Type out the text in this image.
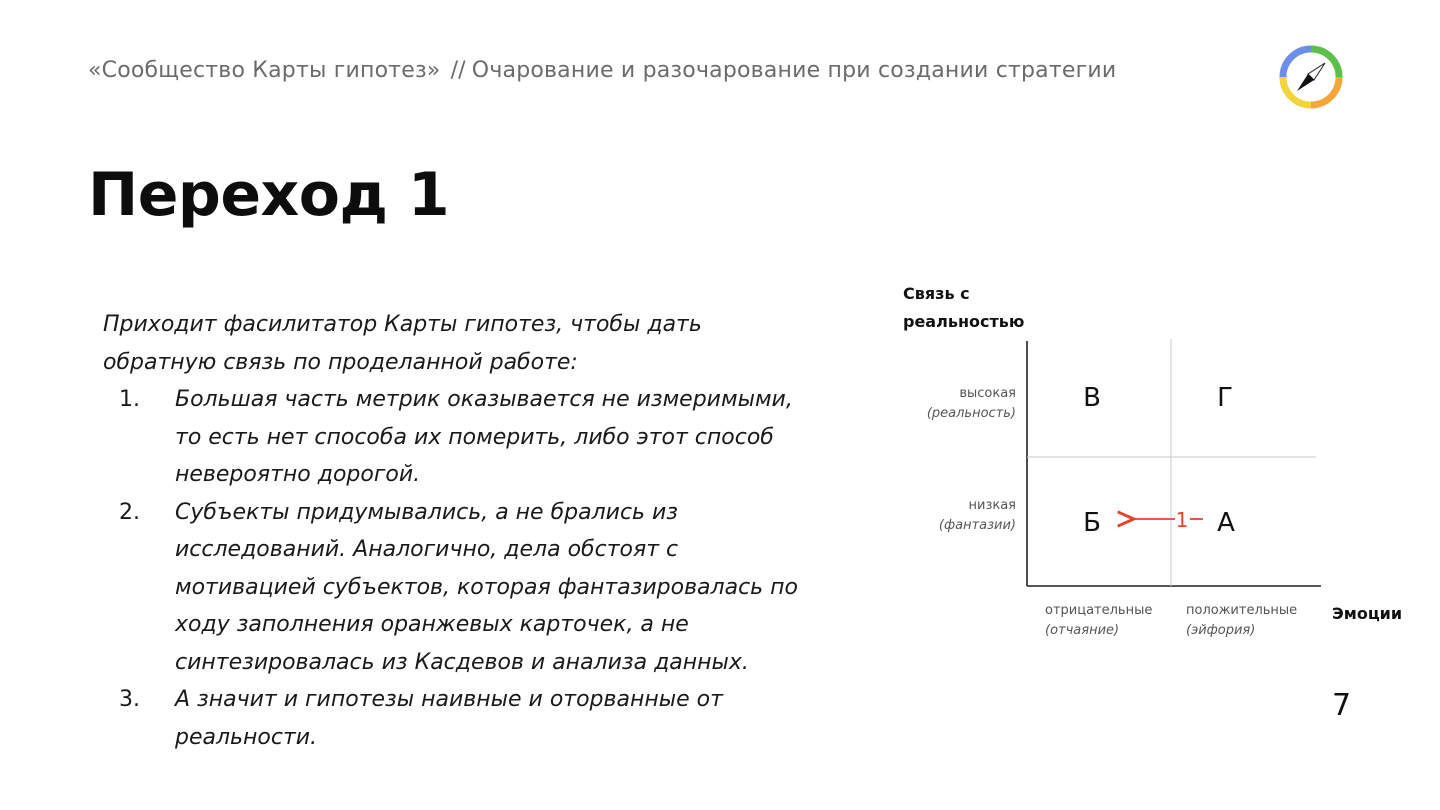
«Сообщество Карты гипотез» // Очарование и разочарование при создании стратегии
Переход 1

Приходит фасилитатор Карты гипотез, чтобы дать обратную связь по проделанной работе:

1.	Большая часть метрик оказывается не измеримыми, то есть нет способа их померить, либо этот способ невероятно дорогой.
2.	Субъекты придумывались, а не брались из исследований. Аналогично, дела обстоят с мотивацией субъектов, которая фантазировалась по ходу заполнения оранжевых карточек, а не синтезировалась из Касдевов и анализа данных.
3.	А значит и гипотезы наивные и оторванные от реальности.
Связь с
реальностью
Эмоции
высокая
(реальность)
низкая
(фантазии)
отрицательные
(отчаяние)
положительные
(эйфория)
В	Г
Б	А
1
7
